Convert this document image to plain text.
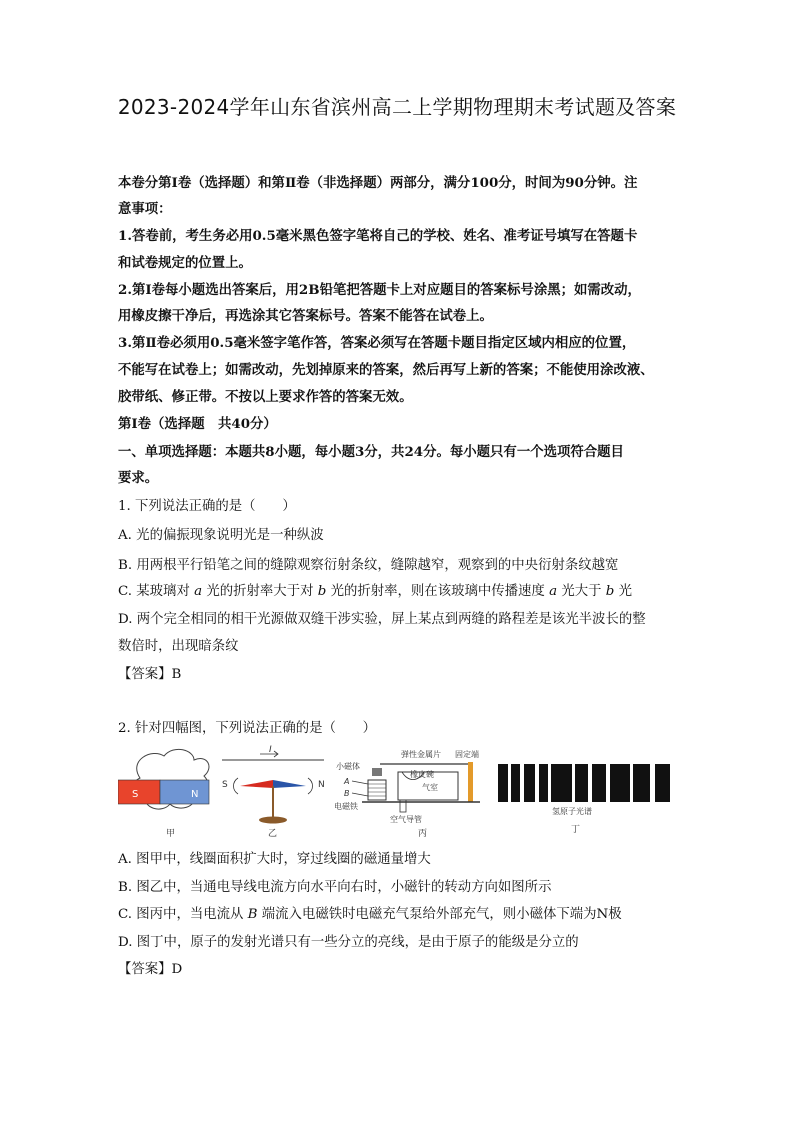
2023-2024学年山东省滨州高二上学期物理期末考试题及答案
本卷分第Ⅰ卷（选择题）和第Ⅱ卷（非选择题）两部分，满分100分，时间为90分钟。注
意事项：
1.答卷前，考生务必用0.5毫米黑色签字笔将自己的学校、姓名、准考证号填写在答题卡
和试卷规定的位置上。
2.第Ⅰ卷每小题选出答案后，用2B铅笔把答题卡上对应题目的答案标号涂黑；如需改动，
用橡皮擦干净后，再选涂其它答案标号。答案不能答在试卷上。
3.第Ⅱ卷必须用0.5毫米签字笔作答，答案必须写在答题卡题目指定区域内相应的位置，
不能写在试卷上；如需改动，先划掉原来的答案，然后再写上新的答案；不能使用涂改液、
胶带纸、修正带。不按以上要求作答的答案无效。
第Ⅰ卷（选择题　共40分）
一、单项选择题：本题共8小题，每小题3分，共24分。每小题只有一个选项符合题目
要求。
1. 下列说法正确的是（　　）
A. 光的偏振现象说明光是一种纵波
B. 用两根平行铅笔之间的缝隙观察衍射条纹，缝隙越窄，观察到的中央衍射条纹越宽
C. 某玻璃对 a 光的折射率大于对 b 光的折射率，则在该玻璃中传播速度 a 光大于 b 光
D. 两个完全相同的相干光源做双缝干涉实验，屏上某点到两缝的路程差是该光半波长的整
数倍时，出现暗条纹
【答案】B
2. 针对四幅图，下列说法正确的是（　　）
S	N
甲
I
S	N
乙
小磁体
弹性金属片 固定端
橡皮碗
气室
A
B
电磁铁
空气导管
丙
氢原子光谱
丁
A. 图甲中，线圈面积扩大时，穿过线圈的磁通量增大
B. 图乙中，当通电导线电流方向水平向右时，小磁针的转动方向如图所示
C. 图丙中，当电流从 B 端流入电磁铁时电磁充气泵给外部充气，则小磁体下端为N极
D. 图丁中，原子的发射光谱只有一些分立的亮线，是由于原子的能级是分立的
【答案】D
